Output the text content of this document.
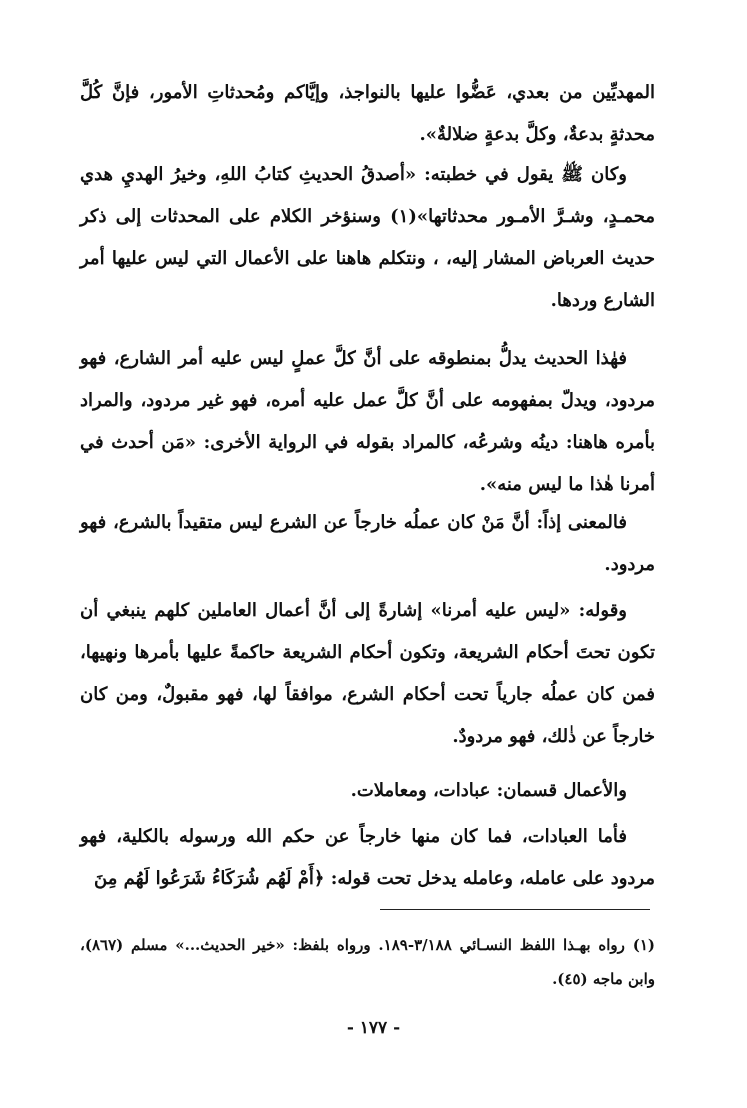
المهديِّين من بعدي، عَضُّوا عليها بالنواجذ، وإيَّاكم ومُحدثاتِ الأمور، فإنَّ كُلَّ محدثةٍ بدعةٌ، وكلَّ بدعةٍ ضلالةٌ».

وكان ﷺ يقول في خطبته: «أصدقُ الحديثِ كتابُ اللهِ، وخيرُ الهديِ هدي محمـدٍ، وشـرَّ الأمـور محدثاتها»(١) وسنؤخر الكلام على المحدثات إلى ذكر حديث العرباض المشار إليه، ، ونتكلم هاهنا على الأعمال التي ليس عليها أمر الشارع وردها.

فهٰذا الحديث يدلُّ بمنطوقه على أنَّ كلَّ عملٍ ليس عليه أمر الشارع، فهو مردود، ويدلّ بمفهومه على أنَّ كلَّ عمل عليه أمره، فهو غير مردود، والمراد بأمره هاهنا: دينُه وشرعُه، كالمراد بقوله في الرواية الأخرى: «مَن أحدث في أمرنا هٰذا ما ليس منه».

فالمعنى إذاً: أنَّ مَنْ كان عملُه خارجاً عن الشرع ليس متقيداً بالشرع، فهو مردود.

وقوله: «ليس عليه أمرنا» إشارةً إلى أنَّ أعمال العاملين كلهم ينبغي أن تكون تحتَ أحكام الشريعة، وتكون أحكام الشريعة حاكمةً عليها بأمرها ونهيها، فمن كان عملُه جارياً تحت أحكام الشرع، موافقاً لها، فهو مقبولٌ، ومن كان خارجاً عن ذٰلك، فهو مردودٌ.

والأعمال قسمان: عبادات، ومعاملات.

فأما العبادات، فما كان منها خارجاً عن حكم الله ورسوله بالكلية، فهو مردود على عامله، وعامله يدخل تحت قوله: ﴿أَمْ لَهُم شُرَكَاءُ شَرَعُوا لَهُم مِنَ

(١) رواه بهـذا اللفظ النسـائي ٣/١٨٨-١٨٩. ورواه بلفظ: «خير الحديث...» مسلم (٨٦٧)، وابن ماجه (٤٥).
- ١٧٧ -
